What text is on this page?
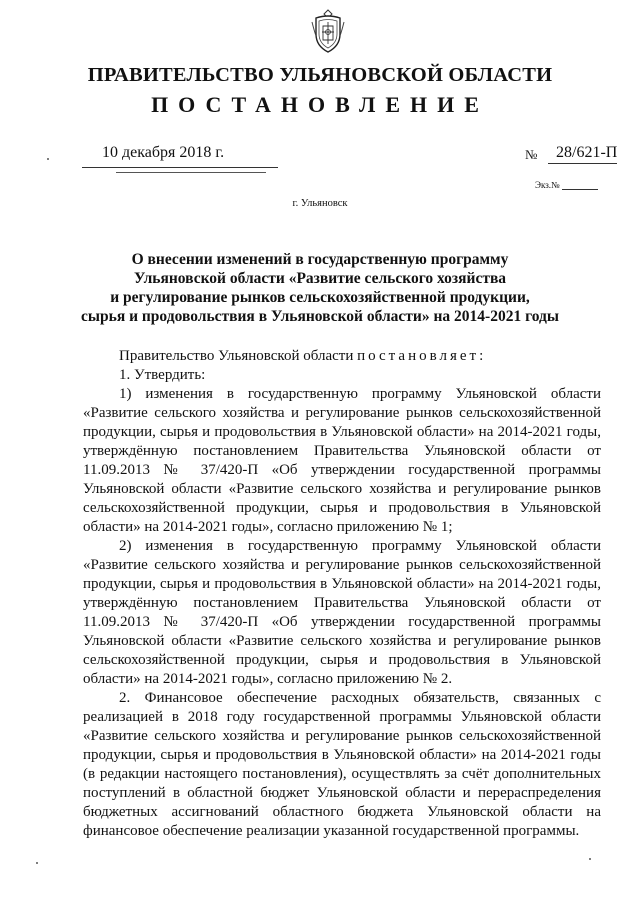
ПРАВИТЕЛЬСТВО УЛЬЯНОВСКОЙ ОБЛАСТИ
ПОСТАНОВЛЕНИЕ
10 декабря 2018 г.	№	28/621-П
Экз.№
г. Ульяновск
О внесении изменений в государственную программу
Ульяновской области «Развитие сельского хозяйства
и регулирование рынков сельскохозяйственной продукции,
сырья и продовольствия в Ульяновской области» на 2014-2021 годы

Правительство Ульяновской области постановляет:

1. Утвердить:

1) изменения в государственную программу Ульяновской области «Развитие сельского хозяйства и регулирование рынков сельскохозяйственной продукции, сырья и продовольствия в Ульяновской области» на 2014-2021 годы, утверждённую постановлением Правительства Ульяновской области от 11.09.2013 № 37/420-П «Об утверждении государственной программы Ульяновской области «Развитие сельского хозяйства и регулирование рынков сельскохозяйственной продукции, сырья и продовольствия в Ульяновской области» на 2014-2021 годы», согласно приложению № 1;

2) изменения в государственную программу Ульяновской области «Развитие сельского хозяйства и регулирование рынков сельскохозяйственной продукции, сырья и продовольствия в Ульяновской области» на 2014-2021 годы, утверждённую постановлением Правительства Ульяновской области от 11.09.2013 № 37/420-П «Об утверждении государственной программы Ульяновской области «Развитие сельского хозяйства и регулирование рынков сельскохозяйственной продукции, сырья и продовольствия в Ульяновской области» на 2014-2021 годы», согласно приложению № 2.

2. Финансовое обеспечение расходных обязательств, связанных с реализацией в 2018 году государственной программы Ульяновской области «Развитие сельского хозяйства и регулирование рынков сельскохозяйственной продукции, сырья и продовольствия в Ульяновской области» на 2014-2021 годы (в редакции настоящего постановления), осуществлять за счёт дополнительных поступлений в областной бюджет Ульяновской области и перераспределения бюджетных ассигнований областного бюджета Ульяновской области на финансовое обеспечение реализации указанной государственной программы.
